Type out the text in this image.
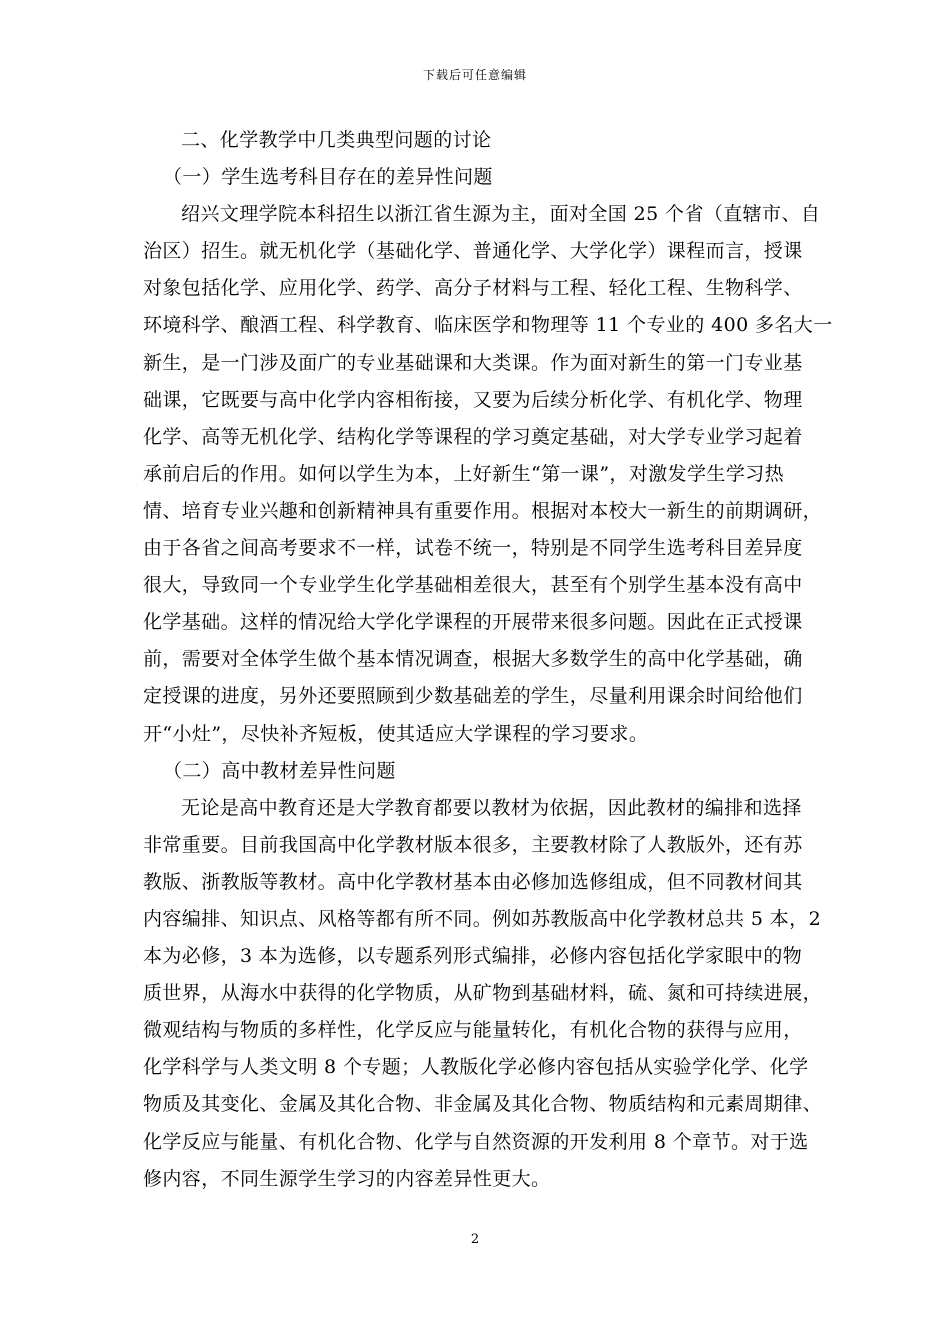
下载后可任意编辑
二、化学教学中几类典型问题的讨论
（一）学生选考科目存在的差异性问题
绍兴文理学院本科招生以浙江省生源为主，面对全国 25 个省（直辖市、自
治区）招生。就无机化学（基础化学、普通化学、大学化学）课程而言，授课
对象包括化学、应用化学、药学、高分子材料与工程、轻化工程、生物科学、
环境科学、酿酒工程、科学教育、临床医学和物理等 11 个专业的 400 多名大一
新生，是一门涉及面广的专业基础课和大类课。作为面对新生的第一门专业基
础课，它既要与高中化学内容相衔接，又要为后续分析化学、有机化学、物理
化学、高等无机化学、结构化学等课程的学习奠定基础，对大学专业学习起着
承前启后的作用。如何以学生为本，上好新生“第一课”，对激发学生学习热
情、培育专业兴趣和创新精神具有重要作用。根据对本校大一新生的前期调研，
由于各省之间高考要求不一样，试卷不统一，特别是不同学生选考科目差异度
很大，导致同一个专业学生化学基础相差很大，甚至有个别学生基本没有高中
化学基础。这样的情况给大学化学课程的开展带来很多问题。因此在正式授课
前，需要对全体学生做个基本情况调查，根据大多数学生的高中化学基础，确
定授课的进度，另外还要照顾到少数基础差的学生，尽量利用课余时间给他们
开“小灶”，尽快补齐短板，使其适应大学课程的学习要求。
（二）高中教材差异性问题
无论是高中教育还是大学教育都要以教材为依据，因此教材的编排和选择
非常重要。目前我国高中化学教材版本很多，主要教材除了人教版外，还有苏
教版、浙教版等教材。高中化学教材基本由必修加选修组成，但不同教材间其
内容编排、知识点、风格等都有所不同。例如苏教版高中化学教材总共 5 本，2
本为必修，3 本为选修，以专题系列形式编排，必修内容包括化学家眼中的物
质世界，从海水中获得的化学物质，从矿物到基础材料，硫、氮和可持续进展，
微观结构与物质的多样性，化学反应与能量转化，有机化合物的获得与应用，
化学科学与人类文明 8 个专题；人教版化学必修内容包括从实验学化学、化学
物质及其变化、金属及其化合物、非金属及其化合物、物质结构和元素周期律、
化学反应与能量、有机化合物、化学与自然资源的开发利用 8 个章节。对于选
修内容，不同生源学生学习的内容差异性更大。
2
